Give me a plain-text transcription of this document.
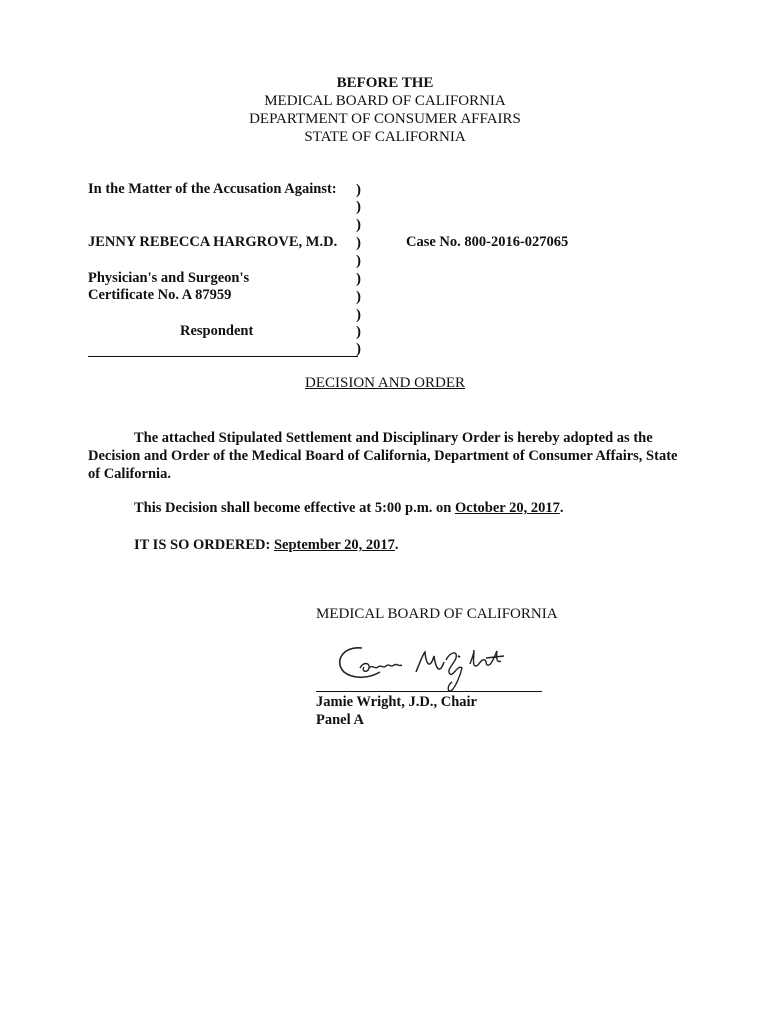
BEFORE THE
MEDICAL BOARD OF CALIFORNIA
DEPARTMENT OF CONSUMER AFFAIRS
STATE OF CALIFORNIA
In the Matter of the Accusation Against:
JENNY REBECCA HARGROVE, M.D.
Physician's and Surgeon's
Certificate No. A 87959
Respondent
)
)
)
)
)
)
)
)
)
)
Case No. 800-2016-027065
DECISION AND ORDER
The attached Stipulated Settlement and Disciplinary Order is hereby adopted as the Decision and Order of the Medical Board of California, Department of Consumer Affairs, State of California.
This Decision shall become effective at 5:00 p.m. on October 20, 2017.
IT IS SO ORDERED: September 20, 2017.
MEDICAL BOARD OF CALIFORNIA
Jamie Wright, J.D., Chair
Panel A
